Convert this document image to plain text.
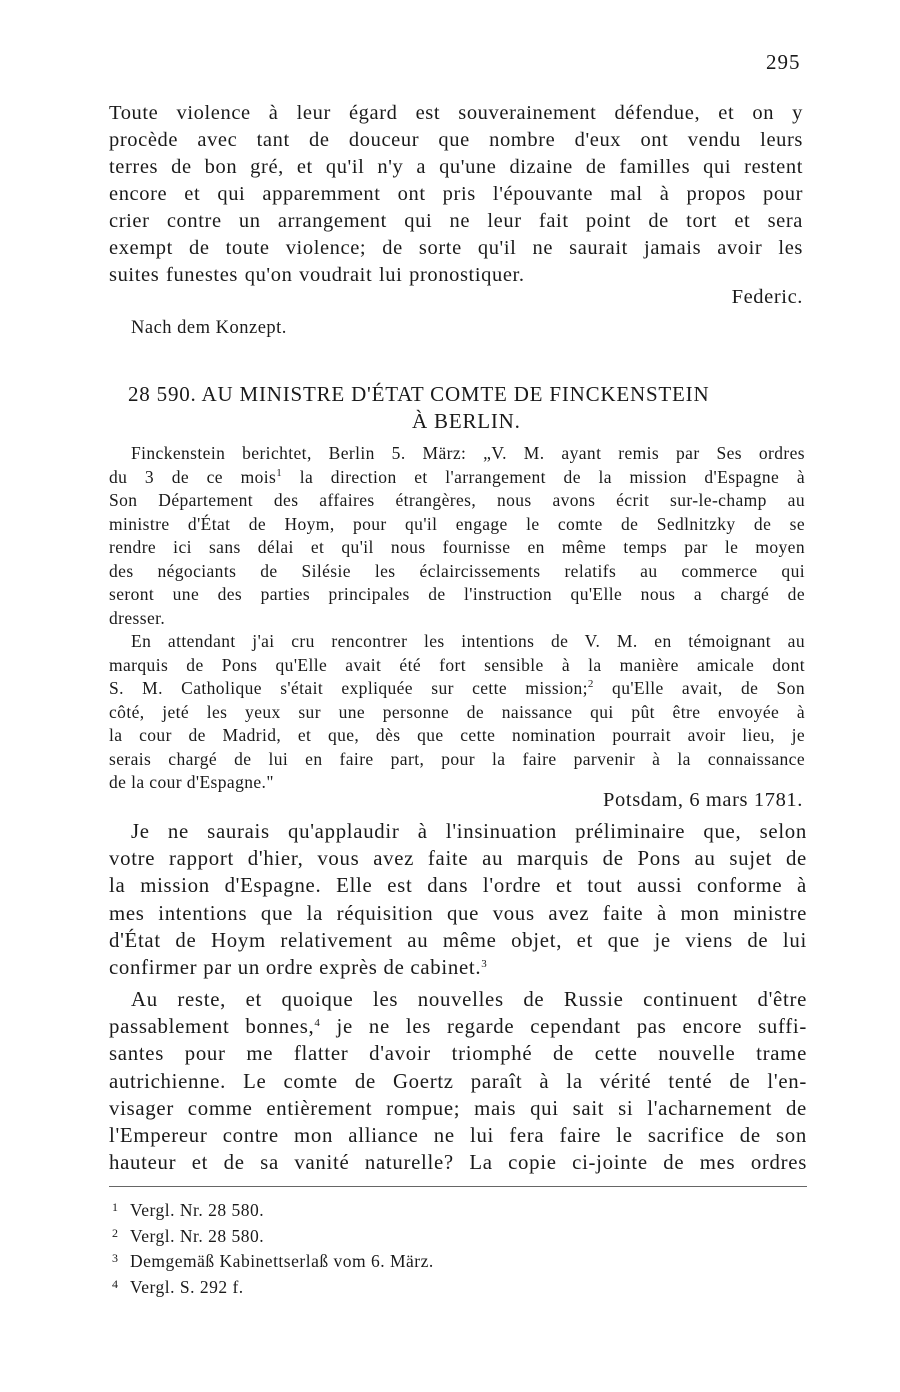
295
Toute violence à leur égard est souverainement défendue, et on y
procède avec tant de douceur que nombre d'eux ont vendu leurs
terres de bon gré, et qu'il n'y a qu'une dizaine de familles qui restent
encore et qui apparemment ont pris l'épouvante mal à propos pour
crier contre un arrangement qui ne leur fait point de tort et sera
exempt de toute violence; de sorte qu'il ne saurait jamais avoir les
suites funestes qu'on voudrait lui pronostiquer.
Federic.
Nach dem Konzept.
28 590. AU MINISTRE D'ÉTAT COMTE DE FINCKENSTEIN
À BERLIN.
Finckenstein berichtet, Berlin 5. März: „V. M. ayant remis par Ses ordres
du 3 de ce mois$^1$ la direction et l'arrangement de la mission d'Espagne à
Son Département des affaires étrangères, nous avons écrit sur-le-champ au
ministre d'État de Hoym, pour qu'il engage le comte de Sedlnitzky de se
rendre ici sans délai et qu'il nous fournisse en même temps par le moyen
des négociants de Silésie les éclaircissements relatifs au commerce qui
seront une des parties principales de l'instruction qu'Elle nous a chargé de
dresser.
En attendant j'ai cru rencontrer les intentions de V. M. en témoignant au
marquis de Pons qu'Elle avait été fort sensible à la manière amicale dont
S. M. Catholique s'était expliquée sur cette mission;$^2$ qu'Elle avait, de Son
côté, jeté les yeux sur une personne de naissance qui pût être envoyée à
la cour de Madrid, et que, dès que cette nomination pourrait avoir lieu, je
serais chargé de lui en faire part, pour la faire parvenir à la connaissance
de la cour d'Espagne."
Potsdam, 6 mars 1781.
Je ne saurais qu'applaudir à l'insinuation préliminaire que, selon
votre rapport d'hier, vous avez faite au marquis de Pons au sujet de
la mission d'Espagne. Elle est dans l'ordre et tout aussi conforme à
mes intentions que la réquisition que vous avez faite à mon ministre
d'État de Hoym relativement au même objet, et que je viens de lui
confirmer par un ordre exprès de cabinet.$^3$
Au reste, et quoique les nouvelles de Russie continuent d'être
passablement bonnes,$^4$ je ne les regarde cependant pas encore suffi-
santes pour me flatter d'avoir triomphé de cette nouvelle trame
autrichienne. Le comte de Goertz paraît à la vérité tenté de l'en-
visager comme entièrement rompue; mais qui sait si l'acharnement de
l'Empereur contre mon alliance ne lui fera faire le sacrifice de son
hauteur et de sa vanité naturelle? La copie ci-jointe de mes ordres
1 Vergl. Nr. 28 580.
2 Vergl. Nr. 28 580.
3 Demgemäß Kabinettserlaß vom 6. März.
4 Vergl. S. 292 f.
